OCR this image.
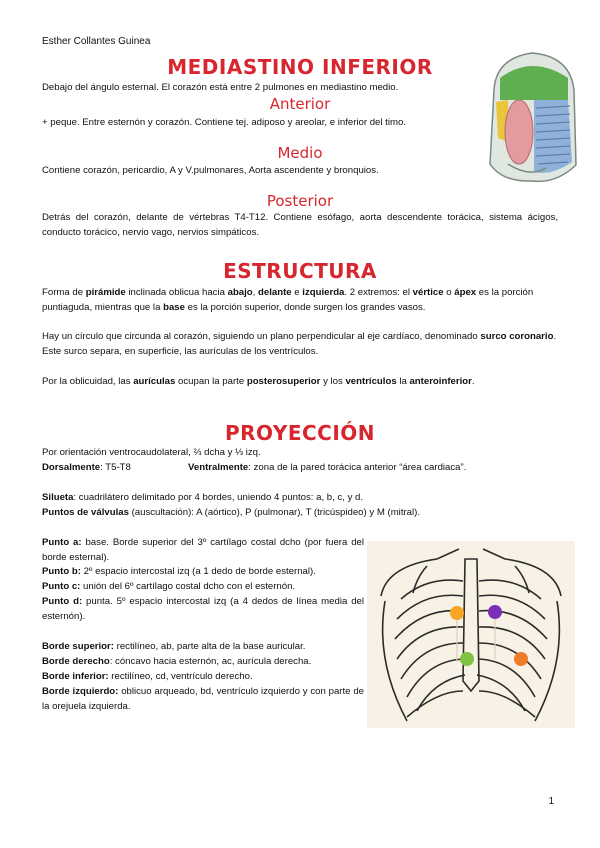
Esther Collantes Guinea
MEDIASTINO INFERIOR
Debajo del ángulo esternal. El corazón está entre 2 pulmones en mediastino medio.
Anterior
+ peque. Entre esternón y corazón. Contiene tej. adiposo y areolar, e inferior del timo.
Medio
Contiene corazón, pericardio, A y V.pulmonares, Aorta ascendente y bronquios.
Posterior
Detrás del corazón, delante de vértebras T4-T12. Contiene esófago, aorta descendente torácica, sistema ácigos, conducto torácico, nervio vago, nervios simpáticos.
ESTRUCTURA
Forma de pirámide inclinada oblicua hacia abajo, delante e izquierda. 2 extremos: el vértice o ápex es la porción puntiaguda, mientras que la base es la porción superior, donde surgen los grandes vasos.
Hay un círculo que circunda al corazón, siguiendo un plano perpendicular al eje cardíaco, denominado surco coronario. Este surco separa, en superficie, las aurículas de los ventrículos.
Por la oblicuidad, las aurículas ocupan la parte posterosuperior y los ventrículos la anteroinferior.
PROYECCIÓN
Por orientación ventrocaudolateral, ⅔ dcha y ⅓ izq.
Dorsalmente: T5-T8	Ventralmente: zona de la pared torácica anterior “área cardiaca”.
Silueta: cuadrilátero delimitado por 4 bordes, uniendo 4 puntos: a, b, c, y d.
Puntos de válvulas (auscultación): A (aórtico), P (pulmonar), T (tricúspideo) y M (mitral).
Punto a: base. Borde superior del 3º cartílago costal dcho (por fuera del borde esternal).
Punto b: 2º espacio intercostal izq (a 1 dedo de borde esternal).
Punto c: unión del 6º cartílago costal dcho con el esternón.
Punto d: punta. 5º espacio intercostal izq (a 4 dedos de línea media del esternón).
Borde superior: rectilíneo, ab, parte alta de la base auricular.
Borde derecho: cóncavo hacia esternón, ac, aurícula derecha.
Borde inferior: rectilíneo, cd, ventrículo derecho.
Borde izquierdo: oblicuo arqueado, bd, ventrículo izquierdo y con parte de la orejuela izquierda.
1
